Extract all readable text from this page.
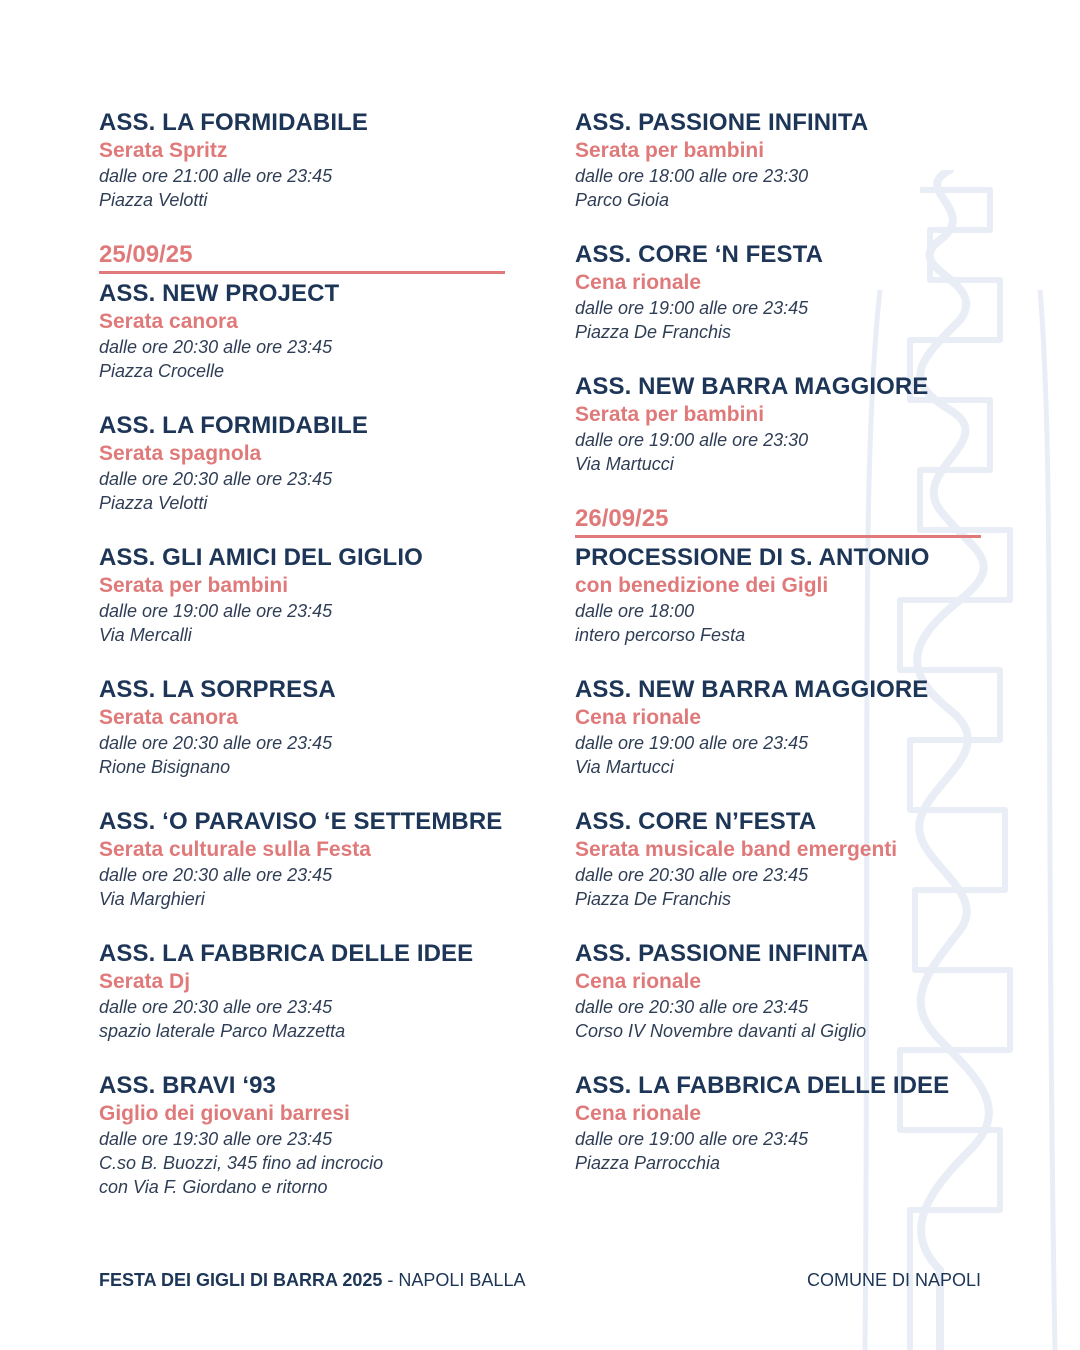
ASS. LA FORMIDABILE
Serata Spritz
dalle ore 21:00 alle ore 23:45
Piazza Velotti
25/09/25
ASS. NEW PROJECT
Serata canora
dalle ore 20:30 alle ore 23:45
Piazza Crocelle
ASS. LA FORMIDABILE
Serata spagnola
dalle ore 20:30 alle ore 23:45
Piazza Velotti
ASS. GLI AMICI DEL GIGLIO
Serata per bambini
dalle ore 19:00 alle ore 23:45
Via Mercalli
ASS. LA SORPRESA
Serata canora
dalle ore 20:30 alle ore 23:45
Rione Bisignano
ASS. ‘O PARAVISO ‘E SETTEMBRE
Serata culturale sulla Festa
dalle ore 20:30 alle ore 23:45
Via Marghieri
ASS. LA FABBRICA DELLE IDEE
Serata Dj
dalle ore 20:30 alle ore 23:45
spazio laterale Parco Mazzetta
ASS. BRAVI ‘93
Giglio dei giovani barresi
dalle ore 19:30 alle ore 23:45
C.so B. Buozzi, 345 fino ad incrocio
con Via F. Giordano e ritorno
ASS. PASSIONE INFINITA
Serata per bambini
dalle ore 18:00 alle ore 23:30
Parco Gioia
ASS. CORE ‘N FESTA
Cena rionale
dalle ore 19:00 alle ore 23:45
Piazza De Franchis
ASS. NEW BARRA MAGGIORE
Serata per bambini
dalle ore 19:00 alle ore 23:30
Via Martucci
26/09/25
PROCESSIONE DI S. ANTONIO
con benedizione dei Gigli
dalle ore 18:00
intero percorso Festa
ASS. NEW BARRA MAGGIORE
Cena rionale
dalle ore 19:00 alle ore 23:45
Via Martucci
ASS. CORE N’FESTA
Serata musicale band emergenti
dalle ore 20:30 alle ore 23:45
Piazza De Franchis
ASS. PASSIONE INFINITA
Cena rionale
dalle ore 20:30 alle ore 23:45
Corso IV Novembre davanti al Giglio
ASS. LA FABBRICA DELLE IDEE
Cena rionale
dalle ore 19:00 alle ore 23:45
Piazza Parrocchia
FESTA DEI GIGLI DI BARRA 2025 - NAPOLI BALLA	COMUNE DI NAPOLI
